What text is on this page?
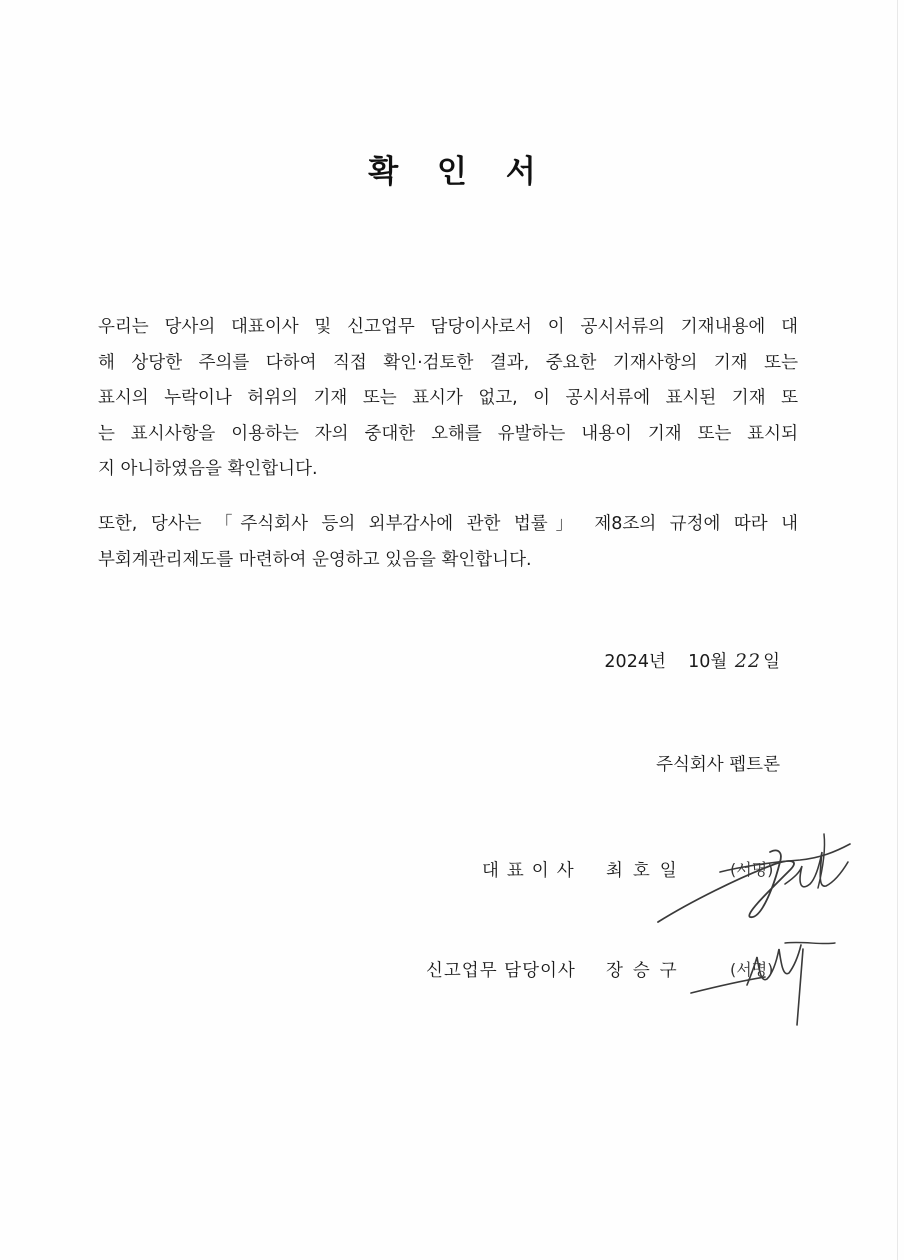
확 인 서
우리는 당사의 대표이사 및 신고업무 담당이사로서 이 공시서류의 기재내용에 대
해 상당한 주의를 다하여 직접 확인·검토한 결과, 중요한 기재사항의 기재 또는
표시의 누락이나 허위의 기재 또는 표시가 없고, 이 공시서류에 표시된 기재 또
는 표시사항을 이용하는 자의 중대한 오해를 유발하는 내용이 기재 또는 표시되
지 아니하였음을 확인합니다.
또한, 당사는 「주식회사 등의 외부감사에 관한 법률」 제8조의 규정에 따라 내
부회계관리제도를 마련하여 운영하고 있음을 확인합니다.
2024년 10월 22 일
주식회사 펩트론
대표이사 최호일	(서명)
신고업무 담당이사 장승구	(서명)
